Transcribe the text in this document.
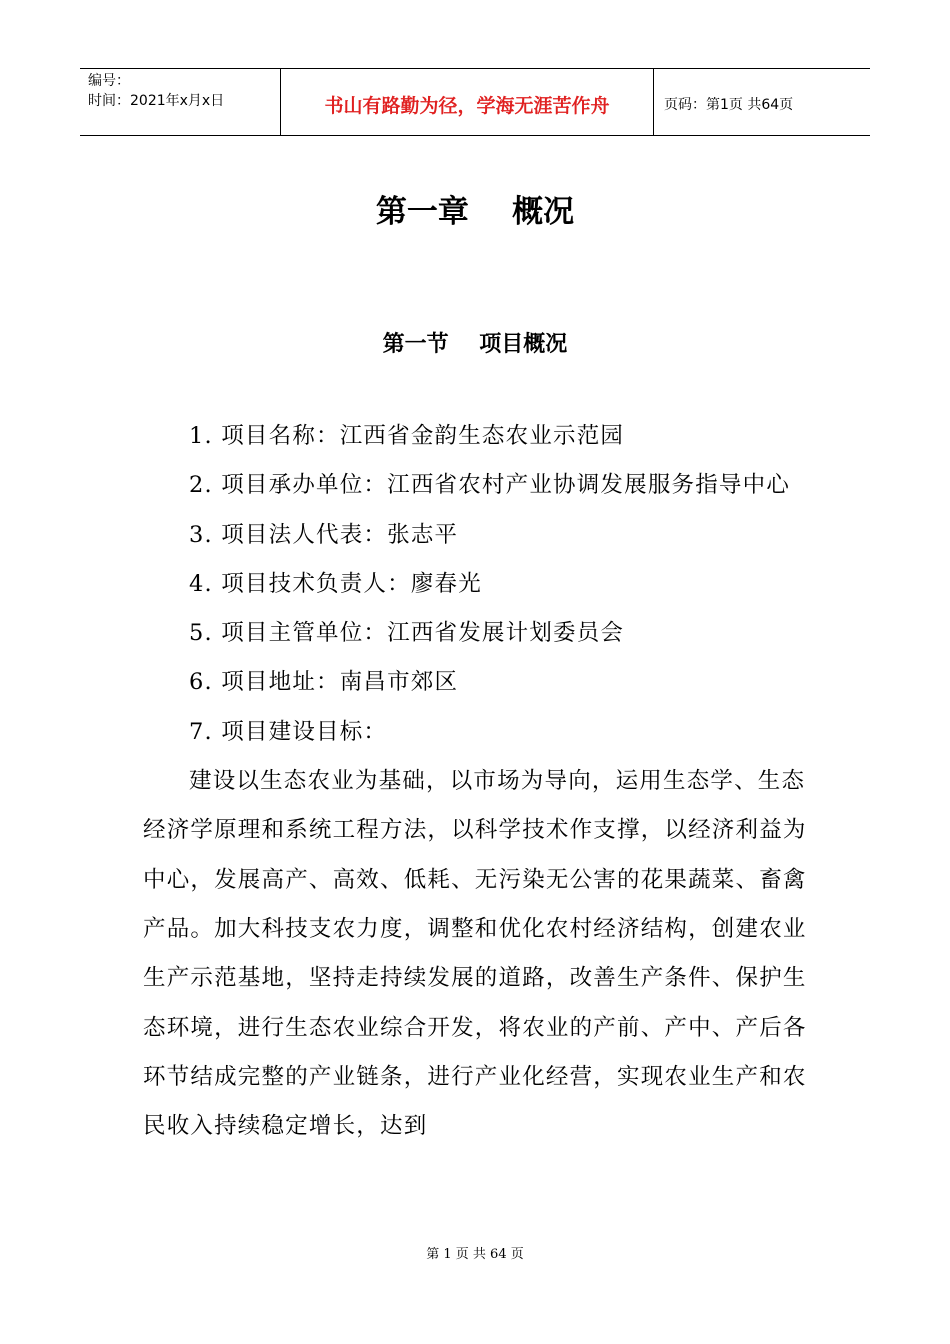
编号：
时间：2021年x月x日	书山有路勤为径，学海无涯苦作舟	页码：第1页 共64页
第一章    概况
第一节    项目概况

1. 项目名称：江西省金韵生态农业示范园

2. 项目承办单位：江西省农村产业协调发展服务指导中心

3. 项目法人代表：张志平

4. 项目技术负责人：廖春光

5. 项目主管单位：江西省发展计划委员会

6. 项目地址：南昌市郊区

7. 项目建设目标：

建设以生态农业为基础，以市场为导向，运用生态学、生态经济学原理和系统工程方法，以科学技术作支撑，以经济利益为中心，发展高产、高效、低耗、无污染无公害的花果蔬菜、畜禽产品。加大科技支农力度，调整和优化农村经济结构，创建农业生产示范基地，坚持走持续发展的道路，改善生产条件、保护生态环境，进行生态农业综合开发，将农业的产前、产中、产后各环节结成完整的产业链条，进行产业化经营，实现农业生产和农民收入持续稳定增长，达到

第 1 页 共 64 页
